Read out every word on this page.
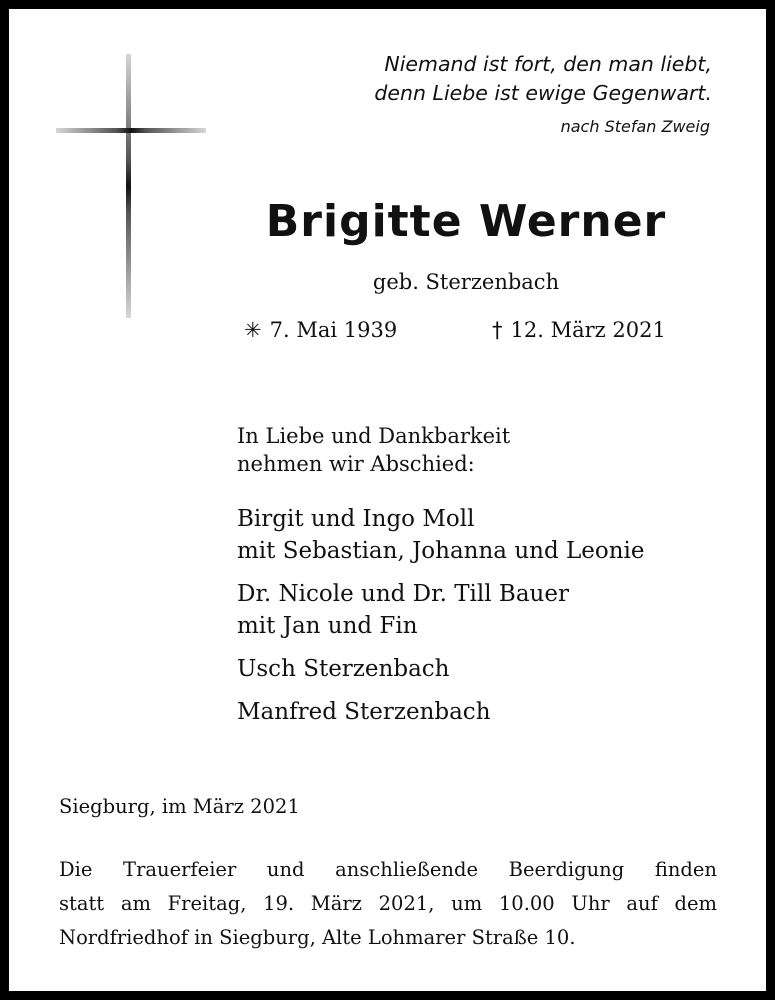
Niemand ist fort, den man liebt,
denn Liebe ist ewige Gegenwart.
nach Stefan Zweig
Brigitte Werner
geb. Sterzenbach
✳ 7. Mai 1939	† 12. März 2021
In Liebe und Dankbarkeit
nehmen wir Abschied:
Birgit und Ingo Moll
mit Sebastian, Johanna und Leonie
Dr. Nicole und Dr. Till Bauer
mit Jan und Fin
Usch Sterzenbach
Manfred Sterzenbach
Siegburg, im März 2021
Die Trauerfeier und anschließende Beerdigung finden
statt am Freitag, 19. März 2021, um 10.00 Uhr auf dem
Nordfriedhof in Siegburg, Alte Lohmarer Straße 10.
